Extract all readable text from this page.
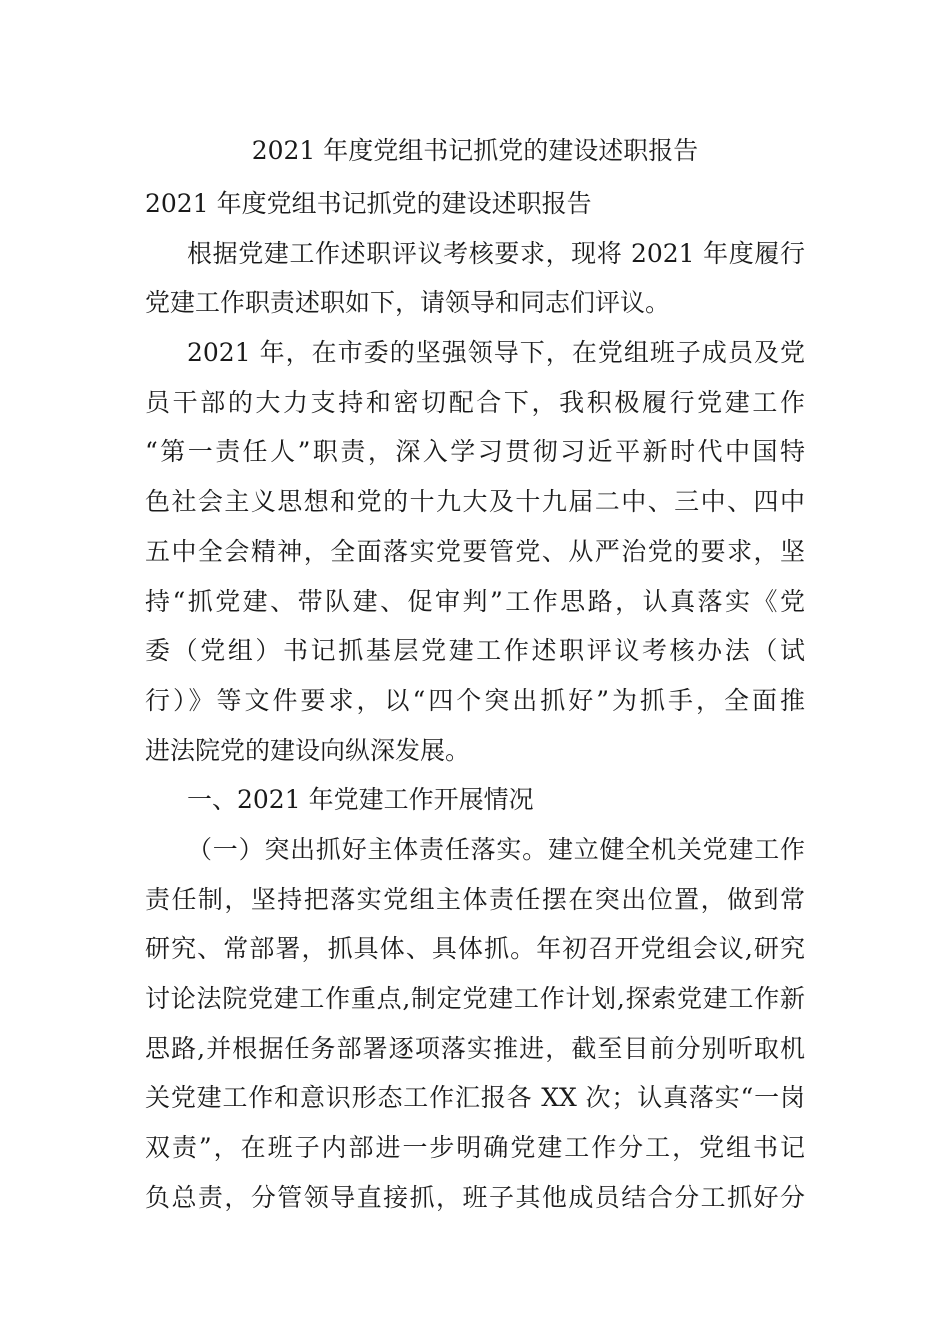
2021 年度党组书记抓党的建设述职报告
2021 年度党组书记抓党的建设述职报告
根据党建工作述职评议考核要求，现将 2021 年度履行
党建工作职责述职如下，请领导和同志们评议。
2021 年，在市委的坚强领导下，在党组班子成员及党
员干部的大力支持和密切配合下，我积极履行党建工作
“第一责任人”职责，深入学习贯彻习近平新时代中国特
色社会主义思想和党的十九大及十九届二中、三中、四中
五中全会精神，全面落实党要管党、从严治党的要求，坚
持“抓党建、带队建、促审判”工作思路，认真落实《党
委（党组）书记抓基层党建工作述职评议考核办法（试
行）》等文件要求，以“四个突出抓好”为抓手，全面推
进法院党的建设向纵深发展。
一、2021 年党建工作开展情况
（一）突出抓好主体责任落实。建立健全机关党建工作
责任制，坚持把落实党组主体责任摆在突出位置，做到常
研究、常部署，抓具体、具体抓。年初召开党组会议,研究
讨论法院党建工作重点,制定党建工作计划,探索党建工作新
思路,并根据任务部署逐项落实推进，截至目前分别听取机
关党建工作和意识形态工作汇报各 XX 次；认真落实“一岗
双责”，在班子内部进一步明确党建工作分工，党组书记
负总责，分管领导直接抓，班子其他成员结合分工抓好分
